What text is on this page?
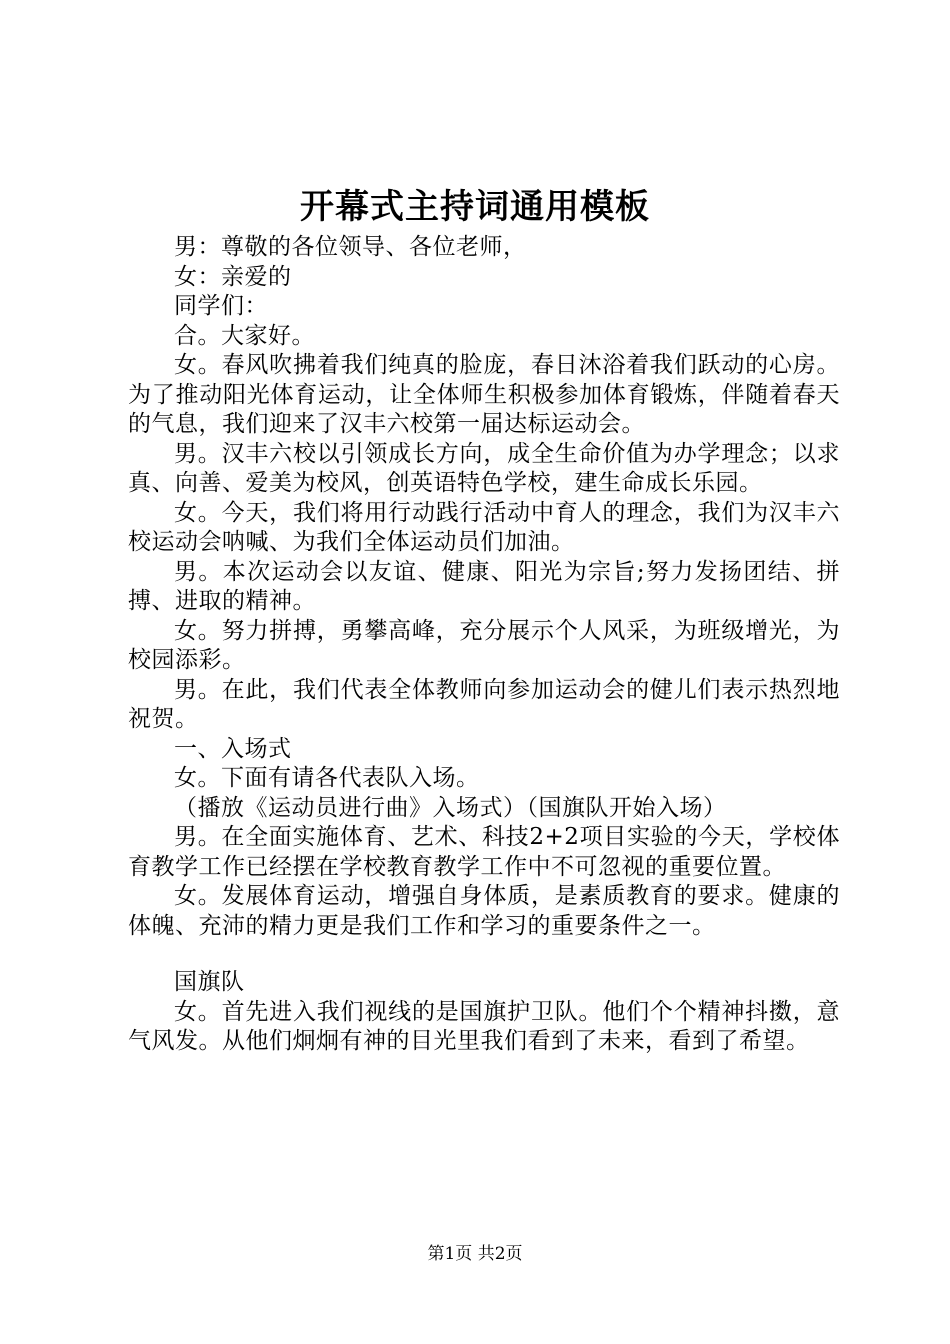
开幕式主持词通用模板

男：尊敬的各位领导、各位老师，

女：亲爱的

同学们：

合。大家好。

女。春风吹拂着我们纯真的脸庞，春日沐浴着我们跃动的心房。为了推动阳光体育运动，让全体师生积极参加体育锻炼，伴随着春天的气息，我们迎来了汉丰六校第一届达标运动会。

男。汉丰六校以引领成长方向，成全生命价值为办学理念；以求真、向善、爱美为校风，创英语特色学校，建生命成长乐园。

女。今天，我们将用行动践行活动中育人的理念，我们为汉丰六校运动会呐喊、为我们全体运动员们加油。

男。本次运动会以友谊、健康、阳光为宗旨;努力发扬团结、拼搏、进取的精神。

女。努力拼搏，勇攀高峰，充分展示个人风采，为班级增光，为校园添彩。

男。在此，我们代表全体教师向参加运动会的健儿们表示热烈地祝贺。

一、入场式

女。下面有请各代表队入场。

（播放《运动员进行曲》入场式）（国旗队开始入场）

男。在全面实施体育、艺术、科技2+2项目实验的今天，学校体育教学工作已经摆在学校教育教学工作中不可忽视的重要位置。

女。发展体育运动，增强自身体质，是素质教育的要求。健康的体魄、充沛的精力更是我们工作和学习的重要条件之一。

国旗队

女。首先进入我们视线的是国旗护卫队。他们个个精神抖擞，意气风发。从他们炯炯有神的目光里我们看到了未来，看到了希望。

第1页 共2页
